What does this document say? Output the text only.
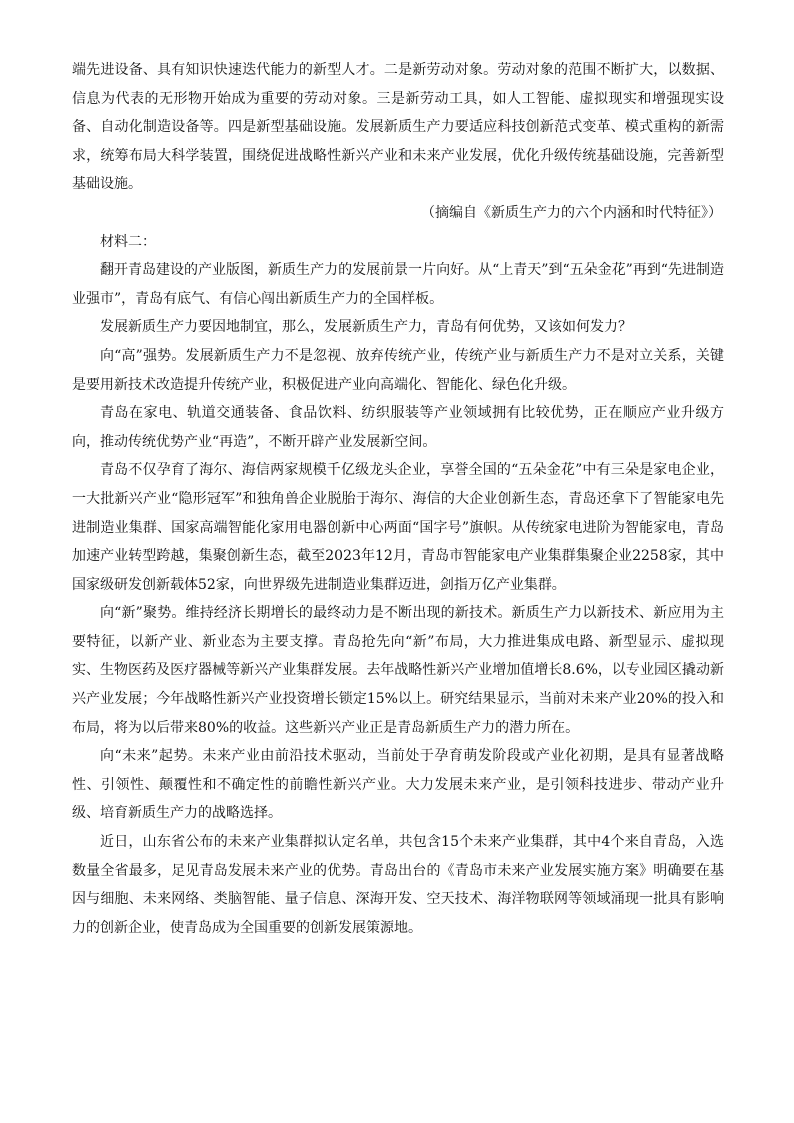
端先进设备、具有知识快速迭代能力的新型人才。二是新劳动对象。劳动对象的范围不断扩大，以数据、信息为代表的无形物开始成为重要的劳动对象。三是新劳动工具，如人工智能、虚拟现实和增强现实设备、自动化制造设备等。四是新型基础设施。发展新质生产力要适应科技创新范式变革、模式重构的新需求，统筹布局大科学装置，围绕促进战略性新兴产业和未来产业发展，优化升级传统基础设施，完善新型基础设施。

（摘编自《新质生产力的六个内涵和时代特征》）

材料二：

翻开青岛建设的产业版图，新质生产力的发展前景一片向好。从“上青天”到“五朵金花”再到“先进制造业强市”，青岛有底气、有信心闯出新质生产力的全国样板。

发展新质生产力要因地制宜，那么，发展新质生产力，青岛有何优势，又该如何发力？

向“高”强势。发展新质生产力不是忽视、放弃传统产业，传统产业与新质生产力不是对立关系，关键是要用新技术改造提升传统产业，积极促进产业向高端化、智能化、绿色化升级。

青岛在家电、轨道交通装备、食品饮料、纺织服装等产业领域拥有比较优势，正在顺应产业升级方向，推动传统优势产业“再造”，不断开辟产业发展新空间。

青岛不仅孕育了海尔、海信两家规模千亿级龙头企业，享誉全国的“五朵金花”中有三朵是家电企业，一大批新兴产业“隐形冠军”和独角兽企业脱胎于海尔、海信的大企业创新生态，青岛还拿下了智能家电先进制造业集群、国家高端智能化家用电器创新中心两面“国字号”旗帜。从传统家电进阶为智能家电，青岛加速产业转型跨越，集聚创新生态，截至2023年12月，青岛市智能家电产业集群集聚企业2258家，其中国家级研发创新载体52家，向世界级先进制造业集群迈进，剑指万亿产业集群。

向“新”聚势。维持经济长期增长的最终动力是不断出现的新技术。新质生产力以新技术、新应用为主要特征，以新产业、新业态为主要支撑。青岛抢先向“新”布局，大力推进集成电路、新型显示、虚拟现实、生物医药及医疗器械等新兴产业集群发展。去年战略性新兴产业增加值增长8.6%，以专业园区撬动新兴产业发展；今年战略性新兴产业投资增长锁定15%以上。研究结果显示，当前对未来产业20%的投入和布局，将为以后带来80%的收益。这些新兴产业正是青岛新质生产力的潜力所在。

向“未来”起势。未来产业由前沿技术驱动，当前处于孕育萌发阶段或产业化初期，是具有显著战略性、引领性、颠覆性和不确定性的前瞻性新兴产业。大力发展未来产业，是引领科技进步、带动产业升级、培育新质生产力的战略选择。

近日，山东省公布的未来产业集群拟认定名单，共包含15个未来产业集群，其中4个来自青岛，入选数量全省最多，足见青岛发展未来产业的优势。青岛出台的《青岛市未来产业发展实施方案》明确要在基因与细胞、未来网络、类脑智能、量子信息、深海开发、空天技术、海洋物联网等领域涌现一批具有影响力的创新企业，使青岛成为全国重要的创新发展策源地。
